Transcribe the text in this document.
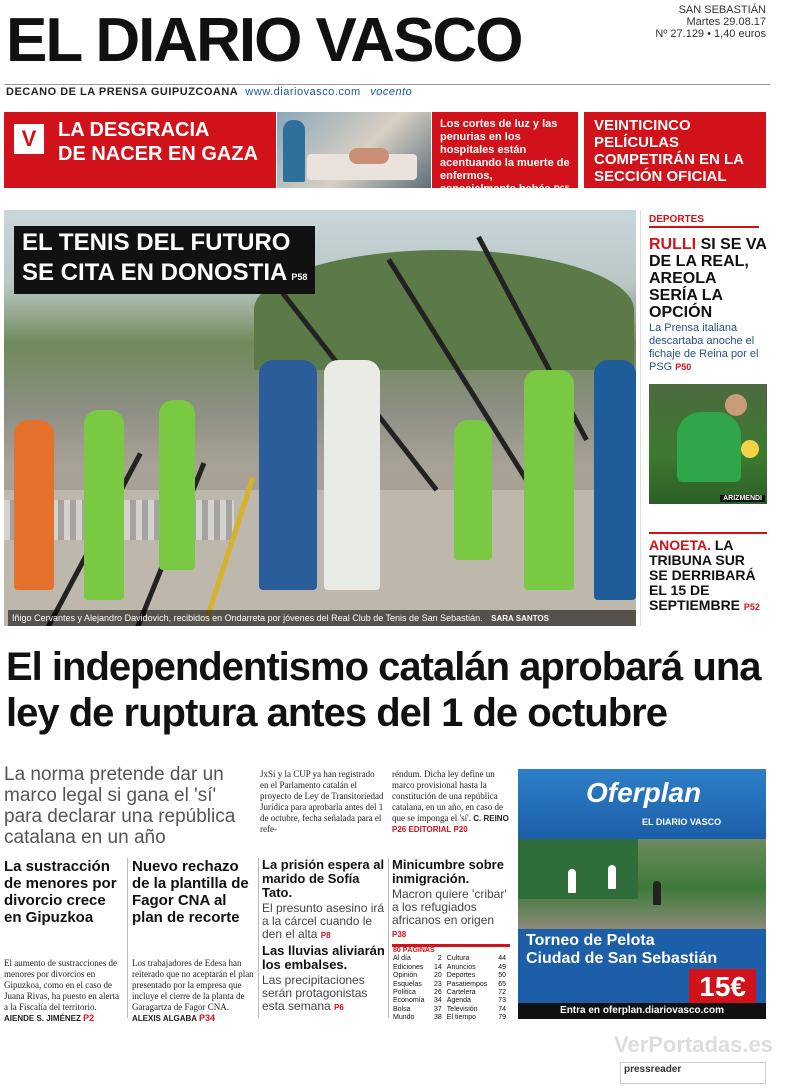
EL DIARIO VASCO	SAN SEBASTIÁN
Martes 29.08.17
Nº 27.129 • 1,40 euros
DECANO DE LA PRENSA GUIPUZCOANA www.diariovasco.com vocento
V	LA DESGRACIA
DE NACER EN GAZA
Los cortes de luz y las penurias en los hospitales están acentuando la muerte de enfermos, especialmente bebés P65
VEINTICINCO PELÍCULAS COMPETIRÁN EN LA SECCIÓN OFICIAL DEL ZINEMALDIA P44
EL TENIS DEL FUTURO
SE CITA EN DONOSTIA P58
Iñigo Cervantes y Alejandro Davidovich, recibidos en Ondarreta por jóvenes del Real Club de Tenis de San Sebastián. SARA SANTOS
DEPORTES
RULLI SI SE VA DE LA REAL, AREOLA SERÍA LA OPCIÓN
La Prensa italiana descartaba anoche el fichaje de Reina por el PSG P50
ARIZMENDI
ANOETA. LA TRIBUNA SUR SE DERRIBARÁ EL 15 DE SEPTIEMBRE P52
El independentismo catalán aprobará una ley de ruptura antes del 1 de octubre
La norma pretende dar un marco legal si gana el 'sí' para declarar una república catalana en un año
JxSí y la CUP ya han registrado en el Parlamento catalán el proyecto de Ley de Transitoriedad Jurídica para aprobarla antes del 1 de octubre, fecha señalada para el refe-
réndum. Dicha ley define un marco provisional hasta la constitución de una república catalana, en un año, en caso de que se imponga el 'sí'. C. REINO P26 EDITORIAL P20
Oferplan
EL DIARIO VASCO
Torneo de Pelota
Ciudad de San Sebastián
15€
Entra en oferplan.diariovasco.com
La sustracción de menores por divorcio crece en Gipuzkoa
El aumento de sustracciones de menores por divorcios en Gipuzkoa, como en el caso de Juana Rivas, ha puesto en alerta a la Fiscalía del territorio. AIENDE S. JIMÉNEZ P2
Nuevo rechazo de la plantilla de Fagor CNA al plan de recorte
Los trabajadores de Edesa han reiterado que no aceptarán el plan presentado por la empresa que incluye el cierre de la planta de Garagartza de Fagor CNA. ALEXIS ALGABA P34
La prisión espera al marido de Sofía Tato.
El presunto asesino irá a la cárcel cuando le den el alta P8
Las lluvias aliviarán los embalses.
Las precipitaciones serán protagonistas esta semana P6
Minicumbre sobre inmigración.
Macron quiere 'cribar' a los refugiados africanos en origen P38
80 PÁGINAS			
Al día	2	Cultura	44
Ediciones	14	Anuncios	49
Opinión	20	Deportes	50
Esquelas	23	Pasatiempos	65
Política	26	Cartelera	72
Economía	34	Agenda	73
Bolsa	37	Televisión	74
Mundo	38	El tiempo	79
VerPortadas.es
pressreader
